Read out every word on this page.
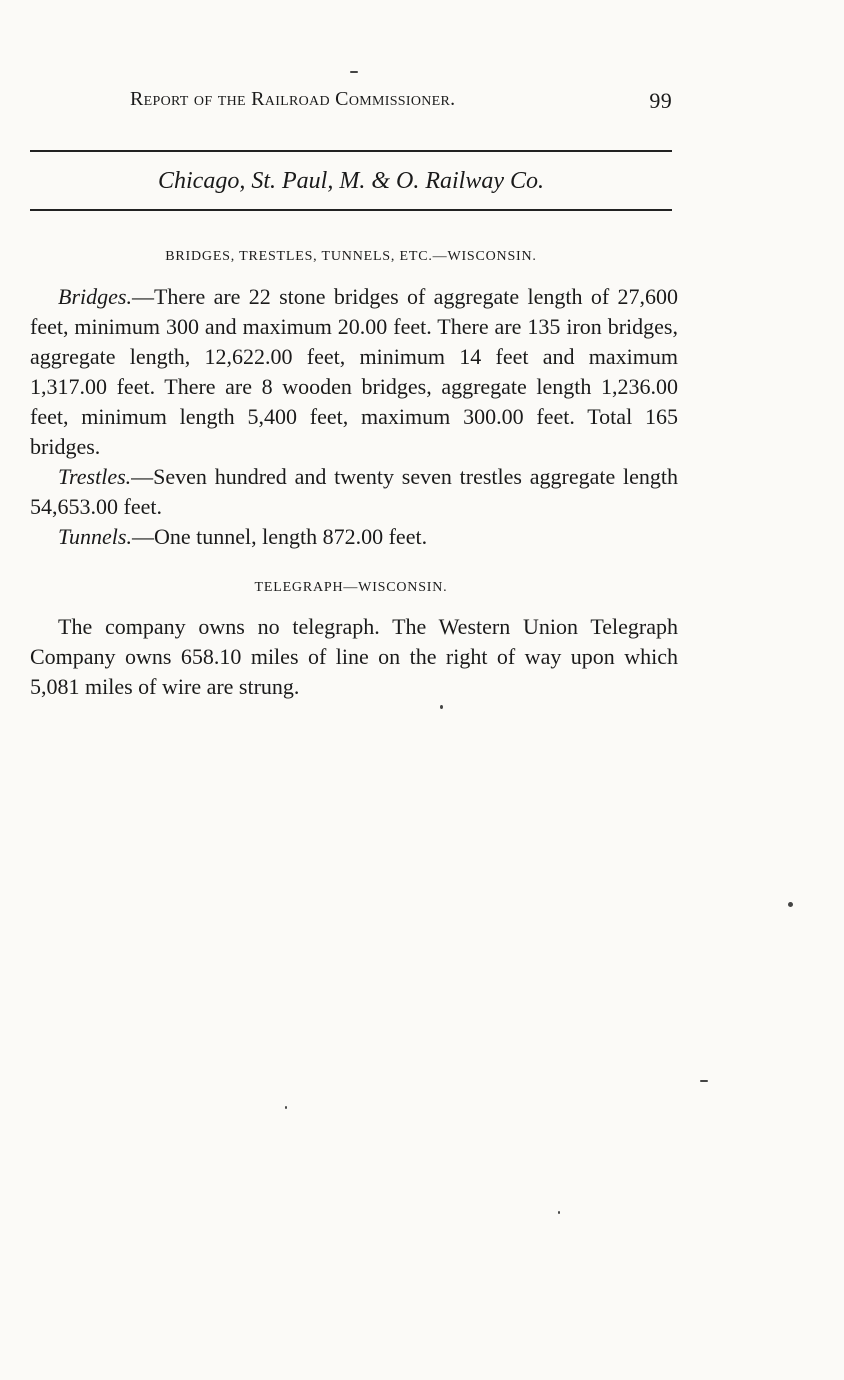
Report of the Railroad Commissioner.	99
Chicago, St. Paul, M. & O. Railway Co.
BRIDGES, TRESTLES, TUNNELS, ETC.—WISCONSIN.

Bridges.—There are 22 stone bridges of aggregate length of 27,600 feet, minimum 300 and maximum 20.00 feet. There are 135 iron bridges, aggregate length, 12,622.00 feet, minimum 14 feet and maximum 1,317.00 feet. There are 8 wooden bridges, aggregate length 1,236.00 feet, minimum length 5,400 feet, maximum 300.00 feet. Total 165 bridges.

Trestles.—Seven hundred and twenty seven trestles aggregate length 54,653.00 feet.

Tunnels.—One tunnel, length 872.00 feet.

TELEGRAPH—WISCONSIN.

The company owns no telegraph. The Western Union Telegraph Company owns 658.10 miles of line on the right of way upon which 5,081 miles of wire are strung.
